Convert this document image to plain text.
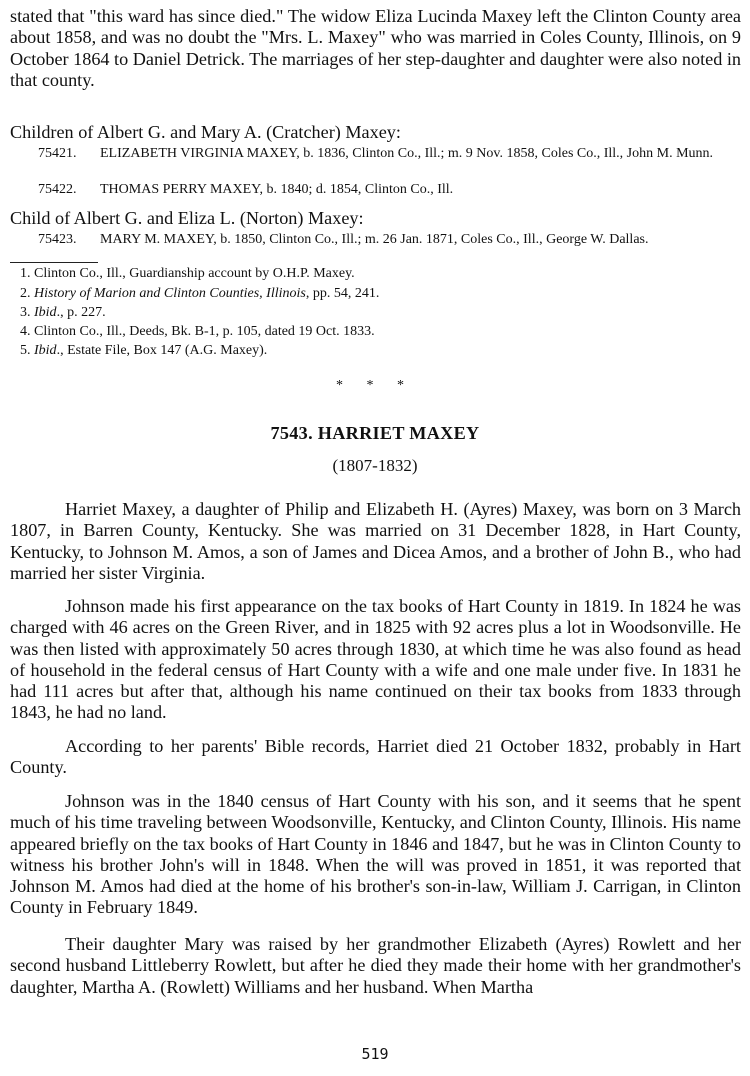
stated that "this ward has since died." The widow Eliza Lucinda Maxey left the Clinton County area about 1858, and was no doubt the "Mrs. L. Maxey" who was married in Coles County, Illinois, on 9 October 1864 to Daniel Detrick. The marriages of her step-daughter and daughter were also noted in that county.

Children of Albert G. and Mary A. (Cratcher) Maxey:

75421. ELIZABETH VIRGINIA MAXEY, b. 1836, Clinton Co., Ill.; m. 9 Nov. 1858, Coles Co., Ill., John M. Munn.
75422. THOMAS PERRY MAXEY, b. 1840; d. 1854, Clinton Co., Ill.

Child of Albert G. and Eliza L. (Norton) Maxey:

75423. MARY M. MAXEY, b. 1850, Clinton Co., Ill.; m. 26 Jan. 1871, Coles Co., Ill., George W. Dallas.
1. Clinton Co., Ill., Guardianship account by O.H.P. Maxey.
2. History of Marion and Clinton Counties, Illinois, pp. 54, 241.
3. Ibid., p. 227.
4. Clinton Co., Ill., Deeds, Bk. B-1, p. 105, dated 19 Oct. 1833.
5. Ibid., Estate File, Box 147 (A.G. Maxey).

* * *

7543. HARRIET MAXEY

(1807-1832)

Harriet Maxey, a daughter of Philip and Elizabeth H. (Ayres) Maxey, was born on 3 March 1807, in Barren County, Kentucky. She was married on 31 December 1828, in Hart County, Kentucky, to Johnson M. Amos, a son of James and Dicea Amos, and a brother of John B., who had married her sister Virginia.

Johnson made his first appearance on the tax books of Hart County in 1819. In 1824 he was charged with 46 acres on the Green River, and in 1825 with 92 acres plus a lot in Woodsonville. He was then listed with approximately 50 acres through 1830, at which time he was also found as head of household in the federal census of Hart County with a wife and one male under five. In 1831 he had 111 acres but after that, although his name continued on their tax books from 1833 through 1843, he had no land.

According to her parents' Bible records, Harriet died 21 October 1832, probably in Hart County.

Johnson was in the 1840 census of Hart County with his son, and it seems that he spent much of his time traveling between Woodsonville, Kentucky, and Clinton County, Illinois. His name appeared briefly on the tax books of Hart County in 1846 and 1847, but he was in Clinton County to witness his brother John's will in 1848. When the will was proved in 1851, it was reported that Johnson M. Amos had died at the home of his brother's son-in-law, William J. Carrigan, in Clinton County in February 1849.

Their daughter Mary was raised by her grandmother Elizabeth (Ayres) Rowlett and her second husband Littleberry Rowlett, but after he died they made their home with her grandmother's daughter, Martha A. (Rowlett) Williams and her husband. When Martha

519
